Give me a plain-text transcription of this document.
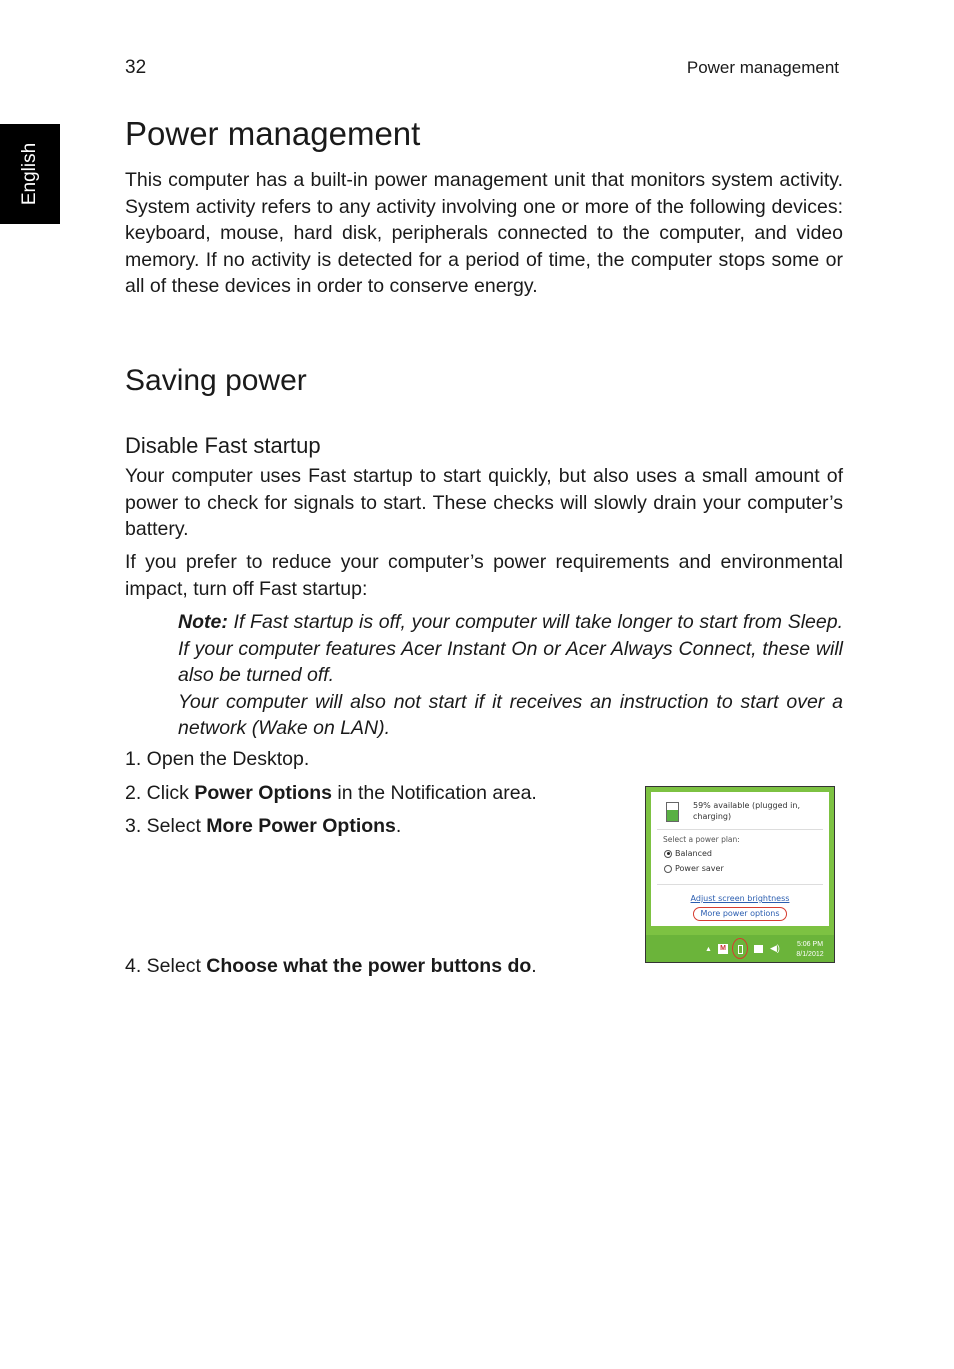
32	Power management
English
Power management

This computer has a built-in power management unit that monitors system activity. System activity refers to any activity involving one or more of the following devices: keyboard, mouse, hard disk, peripherals connected to the computer, and video memory. If no activity is detected for a period of time, the computer stops some or all of these devices in order to conserve energy.

Saving power
Disable Fast startup

Your computer uses Fast startup to start quickly, but also uses a small amount of power to check for signals to start. These checks will slowly drain your computer’s battery.

If you prefer to reduce your computer’s power requirements and environmental impact, turn off Fast startup:

Note: If Fast startup is off, your computer will take longer to start from Sleep. If your computer features Acer Instant On or Acer Always Connect, these will also be turned off.

Your computer will also not start if it receives an instruction to start over a network (Wake on LAN).

1. Open the Desktop.
2. Click Power Options in the Notification area.
3. Select More Power Options.
4. Select Choose what the power buttons do.
59% available (plugged in, charging)
Select a power plan:
Balanced
Power saver
Adjust screen brightness
More power options
▲ M	◀)	5:06 PM
8/1/2012
